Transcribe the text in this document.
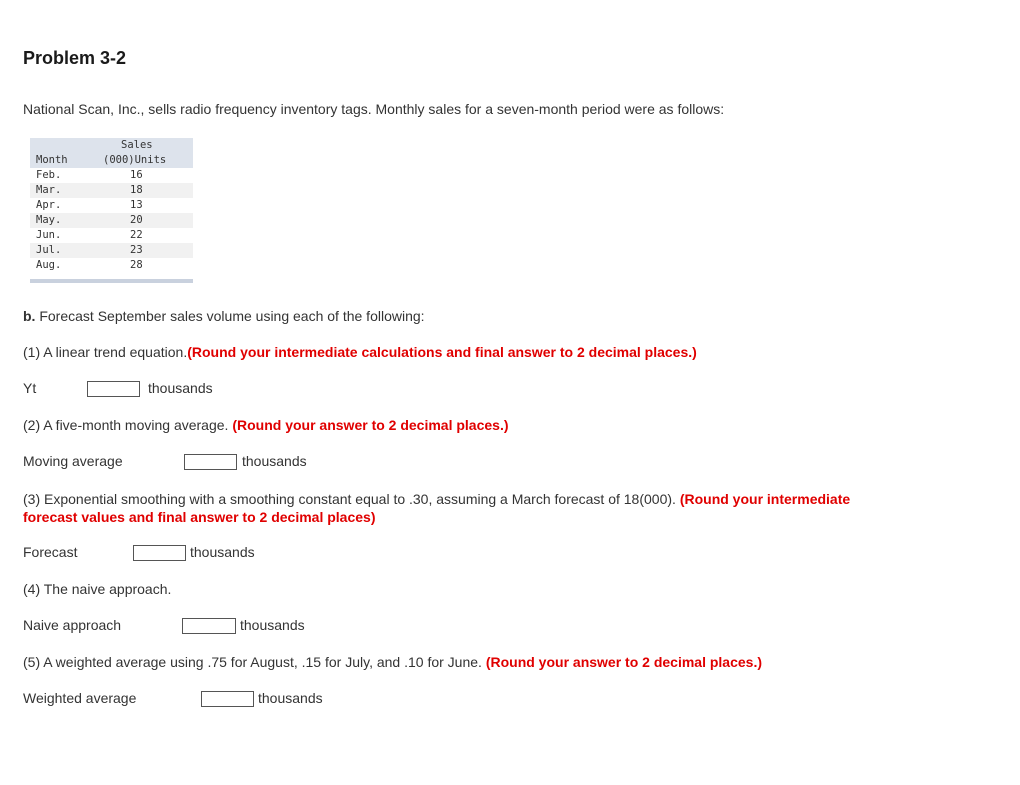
Problem 3-2
National Scan, Inc., sells radio frequency inventory tags. Monthly sales for a seven-month period were as follows:
Sales
Month	(000)Units
Feb.	16
Mar.	18
Apr.	13
May.	20
Jun.	22
Jul.	23
Aug.	28
b. Forecast September sales volume using each of the following:
(1) A linear trend equation.(Round your intermediate calculations and final answer to 2 decimal places.)
Yt	thousands
(2) A five-month moving average. (Round your answer to 2 decimal places.)
Moving average	thousands
(3) Exponential smoothing with a smoothing constant equal to .30, assuming a March forecast of 18(000). (Round your intermediate
forecast values and final answer to 2 decimal places)
Forecast	thousands
(4) The naive approach.
Naive approach	thousands
(5) A weighted average using .75 for August, .15 for July, and .10 for June. (Round your answer to 2 decimal places.)
Weighted average	thousands
